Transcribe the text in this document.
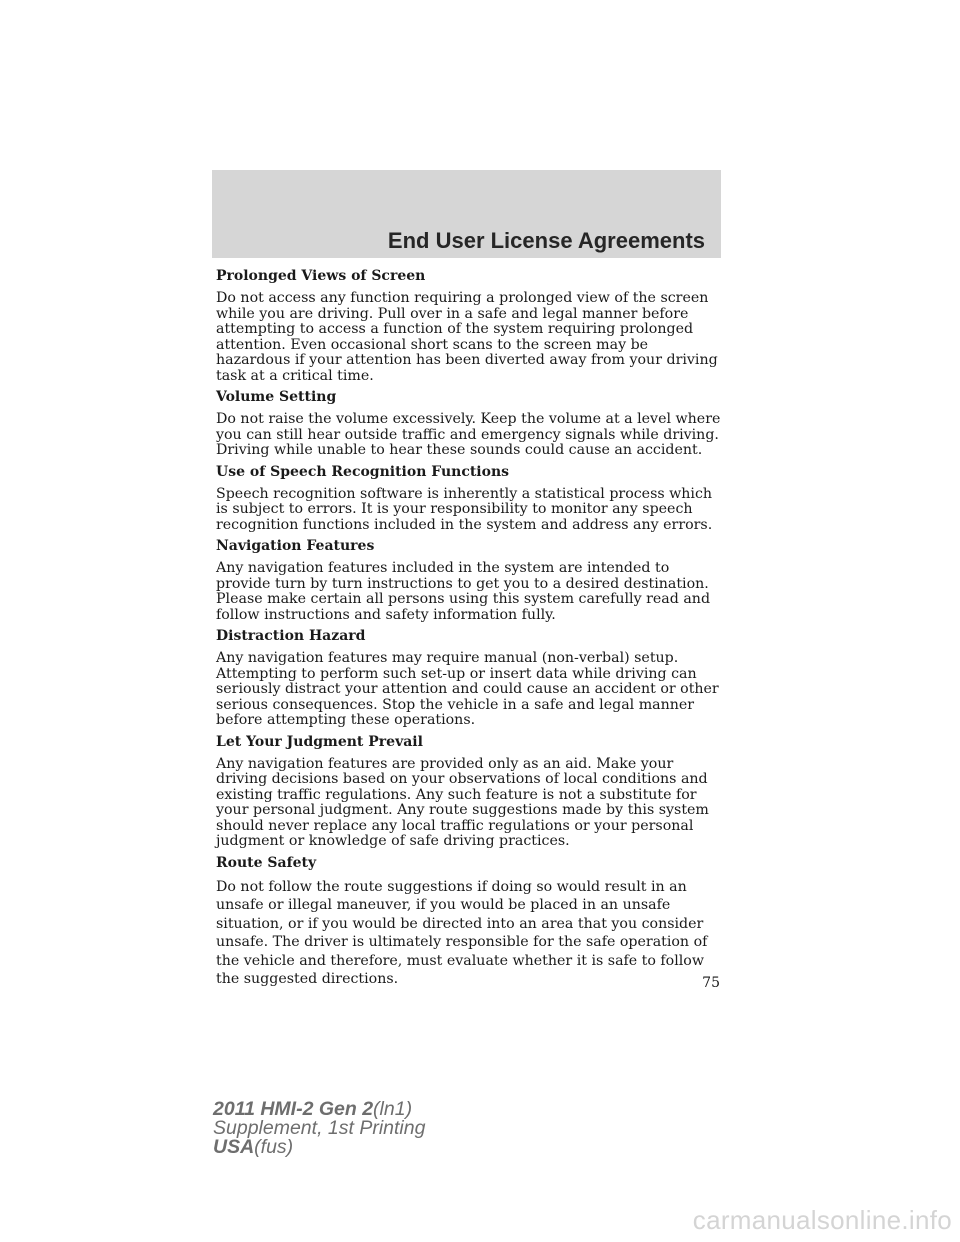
End User License Agreements
Prolonged Views of Screen

Do not access any function requiring a prolonged view of the screen while you are driving. Pull over in a safe and legal manner before attempting to access a function of the system requiring prolonged attention. Even occasional short scans to the screen may be hazardous if your attention has been diverted away from your driving task at a critical time.

Volume Setting

Do not raise the volume excessively. Keep the volume at a level where you can still hear outside traffic and emergency signals while driving. Driving while unable to hear these sounds could cause an accident.

Use of Speech Recognition Functions

Speech recognition software is inherently a statistical process which is subject to errors. It is your responsibility to monitor any speech recognition functions included in the system and address any errors.

Navigation Features

Any navigation features included in the system are intended to provide turn by turn instructions to get you to a desired destination. Please make certain all persons using this system carefully read and follow instructions and safety information fully.

Distraction Hazard

Any navigation features may require manual (non-verbal) setup. Attempting to perform such set-up or insert data while driving can seriously distract your attention and could cause an accident or other serious consequences. Stop the vehicle in a safe and legal manner before attempting these operations.

Let Your Judgment Prevail

Any navigation features are provided only as an aid. Make your driving decisions based on your observations of local conditions and existing traffic regulations. Any such feature is not a substitute for your personal judgment. Any route suggestions made by this system should never replace any local traffic regulations or your personal judgment or knowledge of safe driving practices.

Route Safety

Do not follow the route suggestions if doing so would result in an unsafe or illegal maneuver, if you would be placed in an unsafe situation, or if you would be directed into an area that you consider unsafe. The driver is ultimately responsible for the safe operation of the vehicle and therefore, must evaluate whether it is safe to follow the suggested directions.	75
2011 HMI-2 Gen 2(ln1)
Supplement, 1st Printing
USA(fus)
carmanualsonline.info
